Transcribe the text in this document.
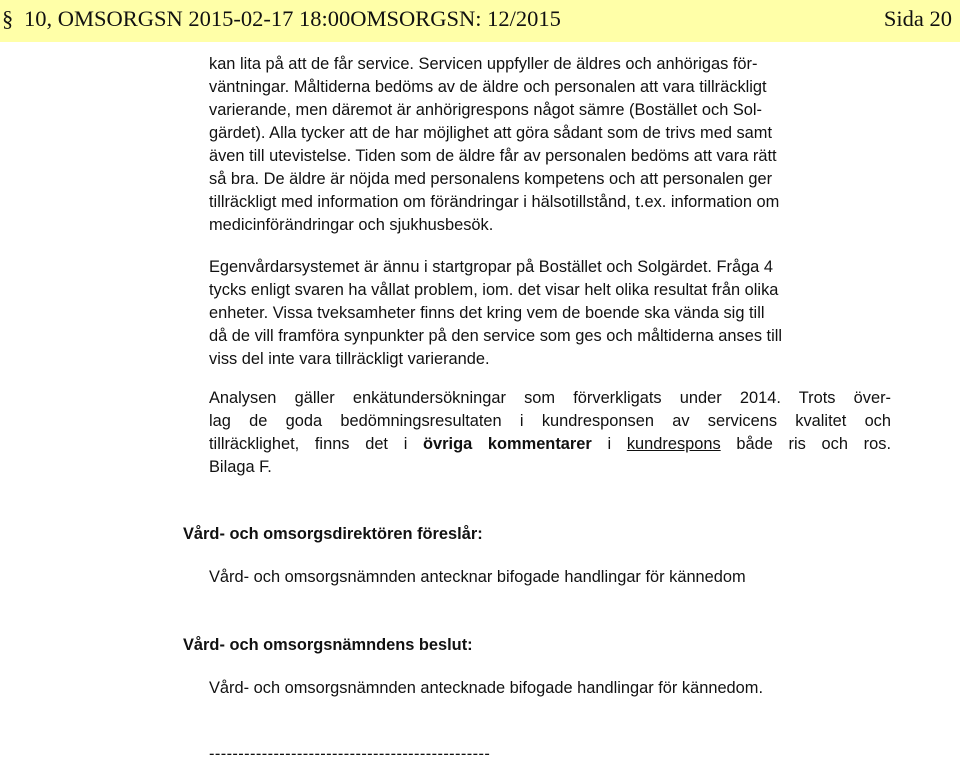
§ 10, OMSORGSN 2015-02-17 18:00OMSORGSN: 12/2015	Sida 20
kan lita på att de får service. Servicen uppfyller de äldres och anhörigas för-
väntningar. Måltiderna bedöms av de äldre och personalen att vara tillräckligt
varierande, men däremot är anhörigrespons något sämre (Bostället och Sol-
gärdet). Alla tycker att de har möjlighet att göra sådant som de trivs med samt
även till utevistelse. Tiden som de äldre får av personalen bedöms att vara rätt
så bra. De äldre är nöjda med personalens kompetens och att personalen ger
tillräckligt med information om förändringar i hälsotillstånd, t.ex. information om
medicinförändringar och sjukhusbesök.
Egenvårdarsystemet är ännu i startgropar på Bostället och Solgärdet. Fråga 4
tycks enligt svaren ha vållat problem, iom. det visar helt olika resultat från olika
enheter. Vissa tveksamheter finns det kring vem de boende ska vända sig till
då de vill framföra synpunkter på den service som ges och måltiderna anses till
viss del inte vara tillräckligt varierande.
Analysen gäller enkätundersökningar som förverkligats under 2014. Trots över-
lag de goda bedömningsresultaten i kundresponsen av servicens kvalitet och
tillräcklighet, finns det i övriga kommentarer i kundrespons både ris och ros.
Bilaga F.
Vård- och omsorgsdirektören föreslår:
Vård- och omsorgsnämnden antecknar bifogade handlingar för kännedom
Vård- och omsorgsnämndens beslut:
Vård- och omsorgsnämnden antecknade bifogade handlingar för kännedom.
------------------------------------------------
